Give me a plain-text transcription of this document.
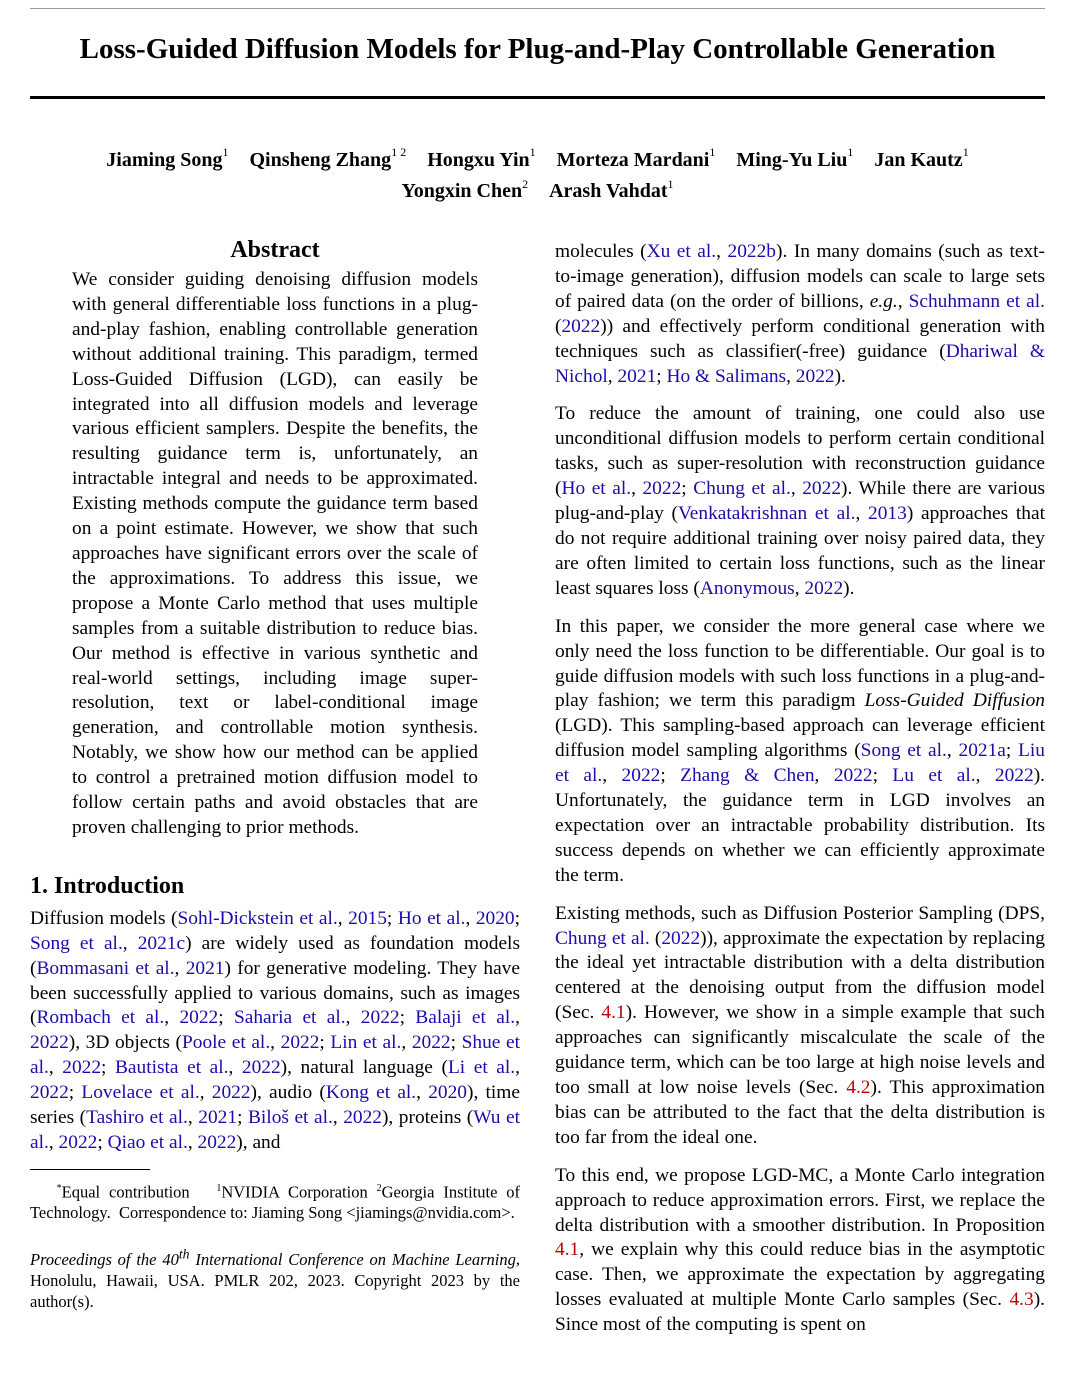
Loss-Guided Diffusion Models for Plug-and-Play Controllable Generation
Jiaming Song$^1$ Qinsheng Zhang$^{1 2}$ Hongxu Yin$^1$ Morteza Mardani$^1$ Ming-Yu Liu$^1$ Jan Kautz$^1$
Yongxin Chen$^2$ Arash Vahdat$^1$
Abstract
We consider guiding denoising diffusion models with general differentiable loss functions in a plug-and-play fashion, enabling controllable generation without additional training. This paradigm, termed Loss-Guided Diffusion (LGD), can easily be integrated into all diffusion models and leverage various efficient samplers. Despite the benefits, the resulting guidance term is, unfortunately, an intractable integral and needs to be approximated. Existing methods compute the guidance term based on a point estimate. However, we show that such approaches have significant errors over the scale of the approximations. To address this issue, we propose a Monte Carlo method that uses multiple samples from a suitable distribution to reduce bias. Our method is effective in various synthetic and real-world settings, including image super-resolution, text or label-conditional image generation, and controllable motion synthesis. Notably, we show how our method can be applied to control a pretrained motion diffusion model to follow certain paths and avoid obstacles that are proven challenging to prior methods.
1. Introduction
Diffusion models (Sohl-Dickstein et al., 2015; Ho et al., 2020; Song et al., 2021c) are widely used as foundation models (Bommasani et al., 2021) for generative modeling. They have been successfully applied to various domains, such as images (Rombach et al., 2022; Saharia et al., 2022; Balaji et al., 2022), 3D objects (Poole et al., 2022; Lin et al., 2022; Shue et al., 2022; Bautista et al., 2022), natural language (Li et al., 2022; Lovelace et al., 2022), audio (Kong et al., 2020), time series (Tashiro et al., 2021; Biloš et al., 2022), proteins (Wu et al., 2022; Qiao et al., 2022), and
*Equal contribution	$^1$NVIDIA Corporation $^2$Georgia Institute of Technology. Correspondence to: Jiaming Song <jiamings@nvidia.com>.
Proceedings of the 40th International Conference on Machine Learning, Honolulu, Hawaii, USA. PMLR 202, 2023. Copyright 2023 by the author(s).
molecules (Xu et al., 2022b). In many domains (such as text-to-image generation), diffusion models can scale to large sets of paired data (on the order of billions, e.g., Schuhmann et al. (2022)) and effectively perform conditional generation with techniques such as classifier(-free) guidance (Dhariwal & Nichol, 2021; Ho & Salimans, 2022).
To reduce the amount of training, one could also use unconditional diffusion models to perform certain conditional tasks, such as super-resolution with reconstruction guidance (Ho et al., 2022; Chung et al., 2022). While there are various plug-and-play (Venkatakrishnan et al., 2013) approaches that do not require additional training over noisy paired data, they are often limited to certain loss functions, such as the linear least squares loss (Anonymous, 2022).
In this paper, we consider the more general case where we only need the loss function to be differentiable. Our goal is to guide diffusion models with such loss functions in a plug-and-play fashion; we term this paradigm Loss-Guided Diffusion (LGD). This sampling-based approach can leverage efficient diffusion model sampling algorithms (Song et al., 2021a; Liu et al., 2022; Zhang & Chen, 2022; Lu et al., 2022). Unfortunately, the guidance term in LGD involves an expectation over an intractable probability distribution. Its success depends on whether we can efficiently approximate the term.
Existing methods, such as Diffusion Posterior Sampling (DPS, Chung et al. (2022)), approximate the expectation by replacing the ideal yet intractable distribution with a delta distribution centered at the denoising output from the diffusion model (Sec. 4.1). However, we show in a simple example that such approaches can significantly miscalculate the scale of the guidance term, which can be too large at high noise levels and too small at low noise levels (Sec. 4.2). This approximation bias can be attributed to the fact that the delta distribution is too far from the ideal one.
To this end, we propose LGD-MC, a Monte Carlo integration approach to reduce approximation errors. First, we replace the delta distribution with a smoother distribution. In Proposition 4.1, we explain why this could reduce bias in the asymptotic case. Then, we approximate the expectation by aggregating losses evaluated at multiple Monte Carlo samples (Sec. 4.3). Since most of the computing is spent on
